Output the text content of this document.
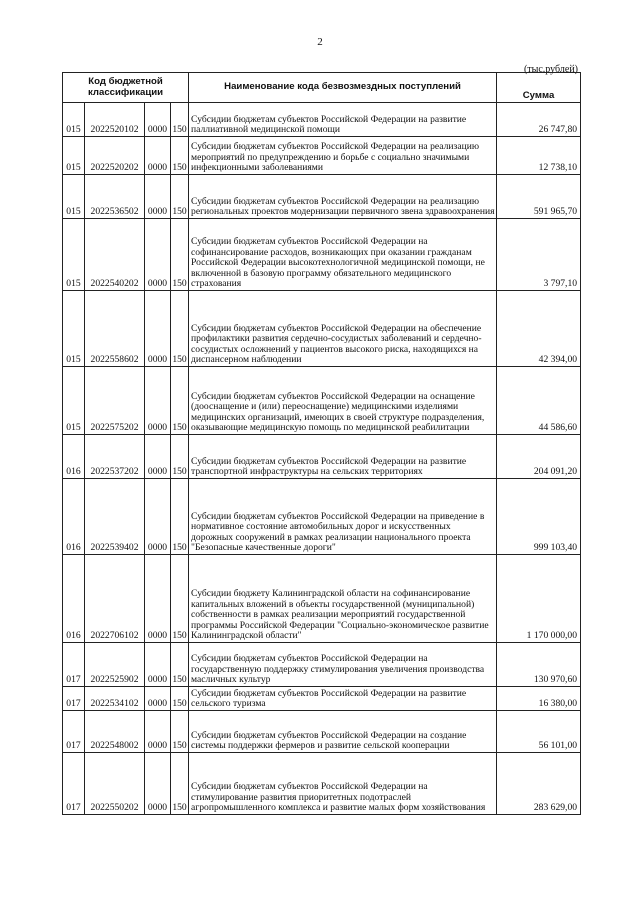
2
(тыс.рублей)
Код бюджетной классификации				Наименование кода безвозмездных поступлений	Сумма
015	2022520102	0000	150	Субсидии бюджетам субъектов Российской Федерации на развитие паллиативной медицинской помощи	26 747,80
015	2022520202	0000	150	Субсидии бюджетам субъектов Российской Федерации на реализацию мероприятий по предупреждению и борьбе с социально значимыми инфекционными заболеваниями	12 738,10
015	2022536502	0000	150	Субсидии бюджетам субъектов Российской Федерации на реализацию региональных проектов модернизации первичного звена здравоохранения	591 965,70
015	2022540202	0000	150	Субсидии бюджетам субъектов Российской Федерации на софинансирование расходов, возникающих при оказании гражданам Российской Федерации высокотехнологичной медицинской помощи, не включенной в базовую программу обязательного медицинского страхования	3 797,10
015	2022558602	0000	150	Субсидии бюджетам субъектов Российской Федерации на обеспечение профилактики развития сердечно-сосудистых заболеваний и сердечно-сосудистых осложнений у пациентов высокого риска, находящихся на диспансерном наблюдении	42 394,00
015	2022575202	0000	150	Субсидии бюджетам субъектов Российской Федерации на оснащение (дооснащение и (или) переоснащение) медицинскими изделиями медицинских организаций, имеющих в своей структуре подразделения, оказывающие медицинскую помощь по медицинской реабилитации	44 586,60
016	2022537202	0000	150	Субсидии бюджетам субъектов Российской Федерации на развитие транспортной инфраструктуры на сельских территориях	204 091,20
016	2022539402	0000	150	Субсидии бюджетам субъектов Российской Федерации на приведение в нормативное состояние автомобильных дорог и искусственных дорожных сооружений в рамках реализации национального проекта "Безопасные качественные дороги"	999 103,40
016	2022706102	0000	150	Субсидии бюджету Калининградской области на софинансирование капитальных вложений в объекты государственной (муниципальной) собственности в рамках реализации мероприятий государственной программы Российской Федерации "Социально-экономическое развитие Калининградской области"	1 170 000,00
017	2022525902	0000	150	Субсидии бюджетам субъектов Российской Федерации на государственную поддержку стимулирования увеличения производства масличных культур	130 970,60
017	2022534102	0000	150	Субсидии бюджетам субъектов Российской Федерации на развитие сельского туризма	16 380,00
017	2022548002	0000	150	Субсидии бюджетам субъектов Российской Федерации на создание системы поддержки фермеров и развитие сельской кооперации	56 101,00
017	2022550202	0000	150	Субсидии бюджетам субъектов Российской Федерации на стимулирование развития приоритетных подотраслей агропромышленного комплекса и развитие малых форм хозяйствования	283 629,00
